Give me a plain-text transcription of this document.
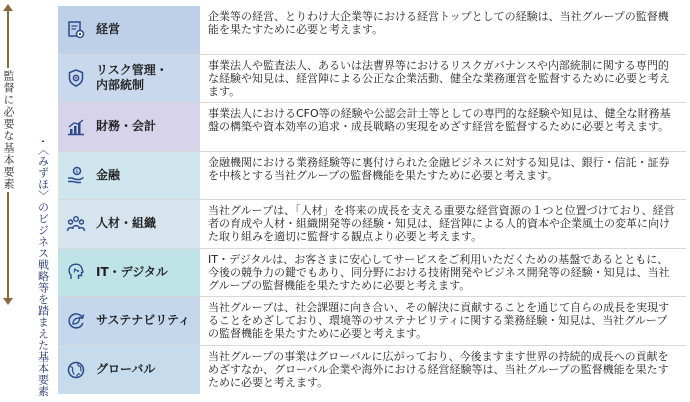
監督に必要な基本要素
〈みずほ〉のビジネス戦略等を踏まえた基本要素
経営
企業等の経営、とりわけ大企業等における経営トップとしての経験は、当社グループの監督機能を果たすために必要と考えます。
リスク管理・
内部統制
事業法人や監査法人、あるいは法曹界等におけるリスクガバナンスや内部統制に関する専門的な経験や知見は、経営陣による公正な企業活動、健全な業務運営を監督するために必要と考えます。
財務・会計
事業法人におけるCFO等の経験や公認会計士等としての専門的な経験や知見は、健全な財務基盤の構築や資本効率の追求・成長戦略の実現をめざす経営を監督するために必要と考えます。
$ 金融
金融機関における業務経験等に裏付けられた金融ビジネスに対する知見は、銀行・信託・証券を中核とする当社グループの監督機能を果たすために必要と考えます。
人材・組織
当社グループは、「人材」を将来の成長を支える重要な経営資源の１つと位置づけており、経営者の育成や人材・組織開発等の経験・知見は、経営陣による人的資本や企業風土の変革に向けた取り組みを適切に監督する観点より必要と考えます。
IT・デジタル
IT・デジタルは、お客さまに安心してサービスをご利用いただくための基盤であるとともに、今後の競争力の鍵でもあり、同分野における技術開発やビジネス開発等の経験・知見は、当社グループの監督機能を果たすために必要と考えます。
サステナビリティ
当社グループは、社会課題に向き合い、その解決に貢献することを通じて自らの成長を実現することをめざしており、環境等のサステナビリティに関する業務経験・知見は、当社グループの監督機能を果たすために必要と考えます。
グローバル
当社グループの事業はグローバルに広がっており、今後ますます世界の持続的成長への貢献をめざすなか、グローバル企業や海外における経営経験等は、当社グループの監督機能を果たすために必要と考えます。
